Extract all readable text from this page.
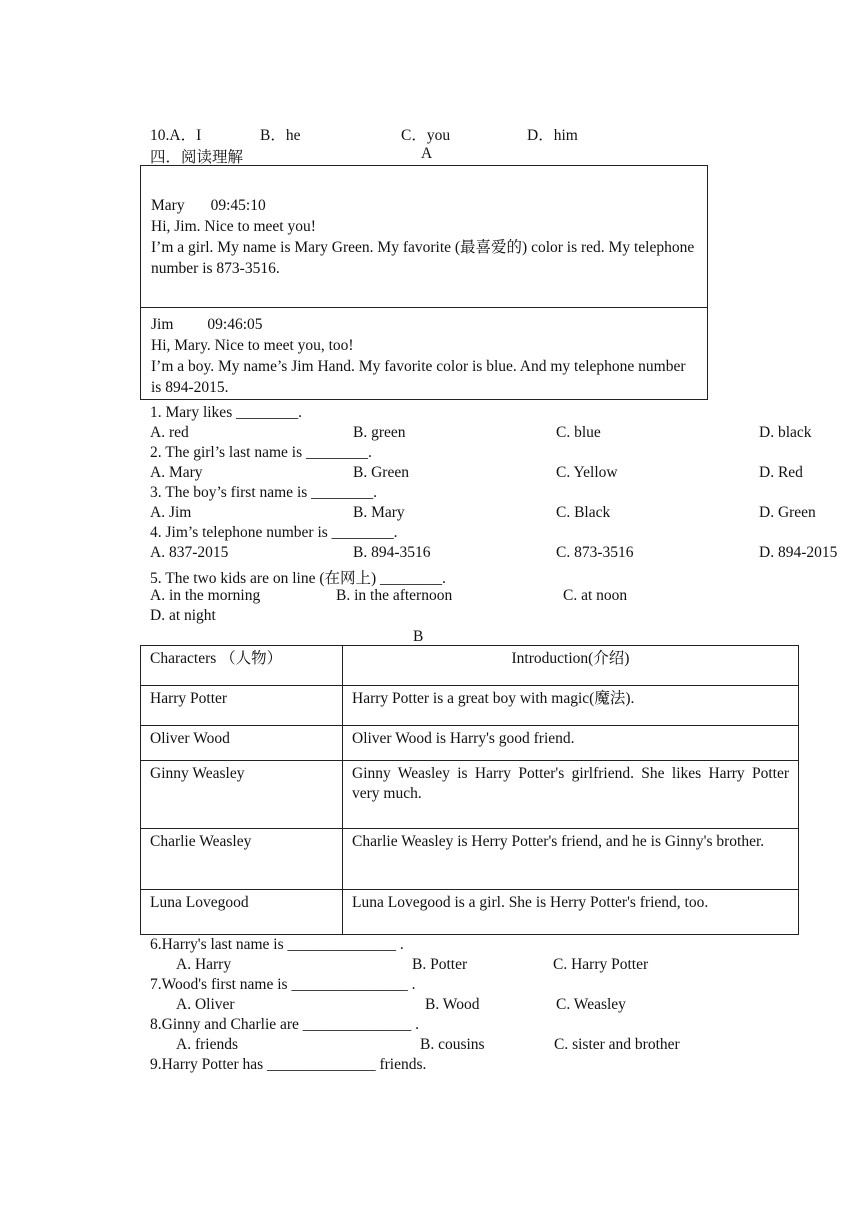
10.A．I	B．he	C．you	D．him
四．阅读理解	A
Mary 09:45:10
Hi, Jim. Nice to meet you!
I’m a girl. My name is Mary Green. My favorite (最喜爱的) color is red. My telephone number is 873-3516.
Jim 09:46:05
Hi, Mary. Nice to meet you, too!
I’m a boy. My name’s Jim Hand. My favorite color is blue. And my telephone number is 894-2015.
1. Mary likes ________.
A. red	B. green	C. blue	D. black
2. The girl’s last name is ________.
A. Mary	B. Green	C. Yellow	D. Red
3. The boy’s first name is ________.
A. Jim	B. Mary	C. Black	D. Green
4. Jim’s telephone number is ________.
A. 837-2015	B. 894-3516	C. 873-3516	D. 894-2015
5. The two kids are on line (在网上) ________.
A. in the morning	B. in the afternoon	C. at noon
D. at night
B
Characters （人物）	Introduction(介绍)
Harry Potter	Harry Potter is a great boy with magic(魔法).
Oliver Wood	Oliver Wood is Harry's good friend.
Ginny Weasley	Ginny Weasley is Harry Potter's girlfriend. She likes Harry Potter very much.
Charlie Weasley	Charlie Weasley is Herry Potter's friend, and he is Ginny's brother.
Luna Lovegood	Luna Lovegood is a girl. She is Herry Potter's friend, too.
6.Harry's last name is ______________ .
A. Harry	B. Potter	C. Harry Potter
7.Wood's first name is _______________ .
A. Oliver	B. Wood	C. Weasley
8.Ginny and Charlie are ______________ .
A. friends	B. cousins	C. sister and brother
9.Harry Potter has ______________ friends.
